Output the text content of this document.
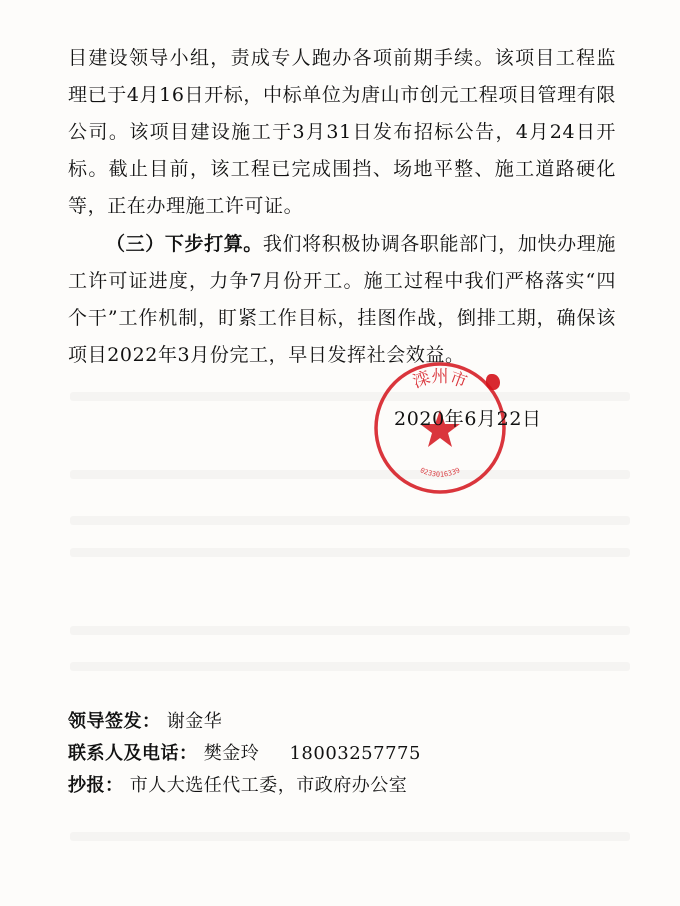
目建设领导小组，责成专人跑办各项前期手续。该项目工程监理已于4月16日开标，中标单位为唐山市创元工程项目管理有限公司。该项目建设施工于3月31日发布招标公告，4月24日开标。截止目前，该工程已完成围挡、场地平整、施工道路硬化等，正在办理施工许可证。

（三）下步打算。我们将积极协调各职能部门，加快办理施工许可证进度，力争7月份开工。施工过程中我们严格落实“四个干”工作机制，盯紧工作目标，挂图作战，倒排工期，确保该项目2022年3月份完工，早日发挥社会效益。

滦州市
0233016339
2020年6月22日
领导签发： 谢金华
联系人及电话： 樊金玲 18003257775
抄报： 市人大选任代工委，市政府办公室
